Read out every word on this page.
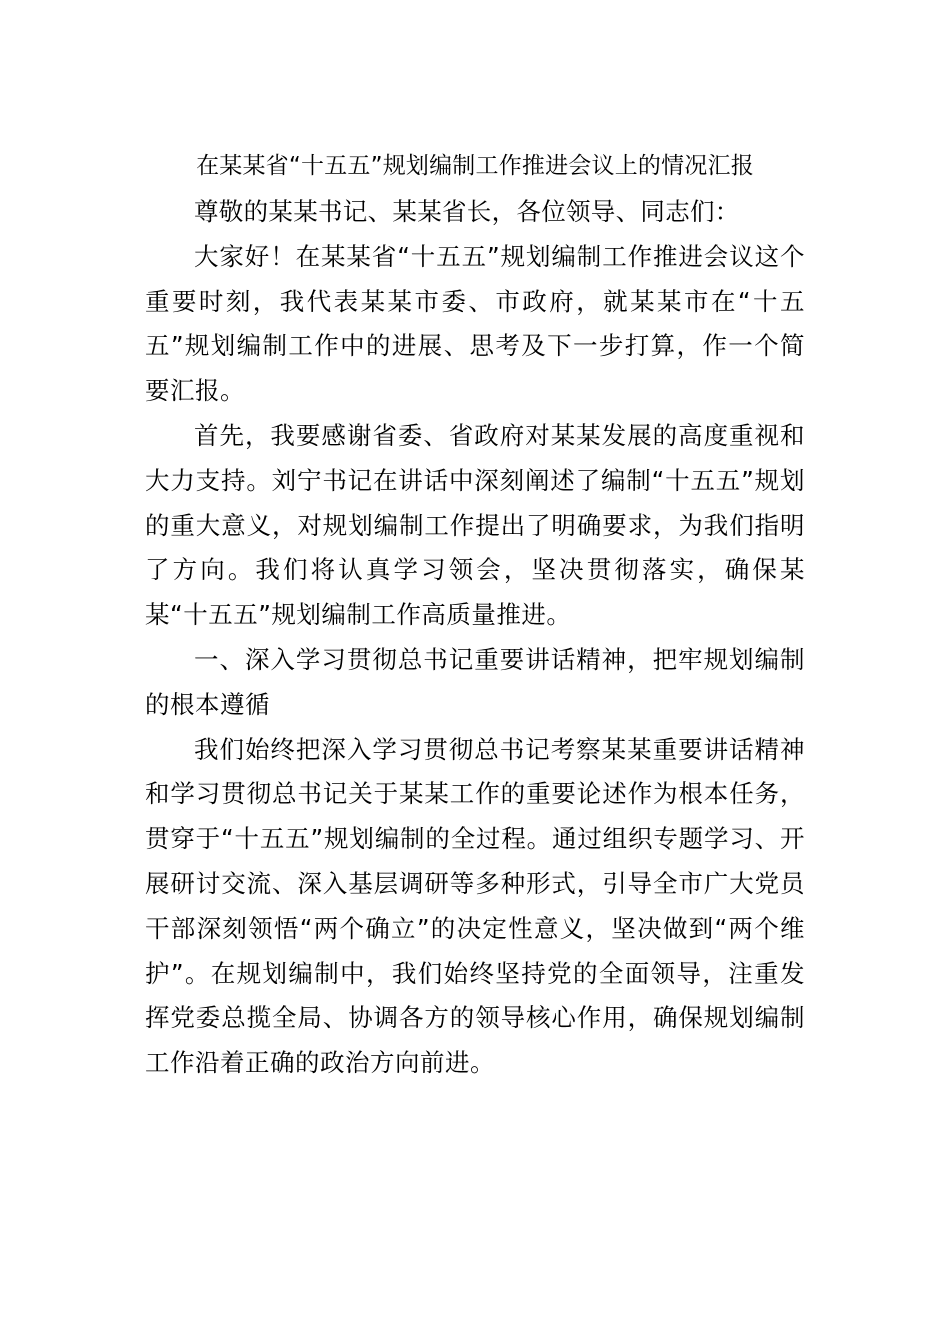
在某某省“十五五”规划编制工作推进会议上的情况汇报

尊敬的某某书记、某某省长，各位领导、同志们：

大家好！在某某省“十五五”规划编制工作推进会议这个重要时刻，我代表某某市委、市政府，就某某市在“十五五”规划编制工作中的进展、思考及下一步打算，作一个简要汇报。

首先，我要感谢省委、省政府对某某发展的高度重视和大力支持。刘宁书记在讲话中深刻阐述了编制“十五五”规划的重大意义，对规划编制工作提出了明确要求，为我们指明了方向。我们将认真学习领会，坚决贯彻落实，确保某某“十五五”规划编制工作高质量推进。

一、深入学习贯彻总书记重要讲话精神，把牢规划编制的根本遵循

我们始终把深入学习贯彻总书记考察某某重要讲话精神和学习贯彻总书记关于某某工作的重要论述作为根本任务，贯穿于“十五五”规划编制的全过程。通过组织专题学习、开展研讨交流、深入基层调研等多种形式，引导全市广大党员干部深刻领悟“两个确立”的决定性意义，坚决做到“两个维护”。在规划编制中，我们始终坚持党的全面领导，注重发挥党委总揽全局、协调各方的领导核心作用，确保规划编制工作沿着正确的政治方向前进。
